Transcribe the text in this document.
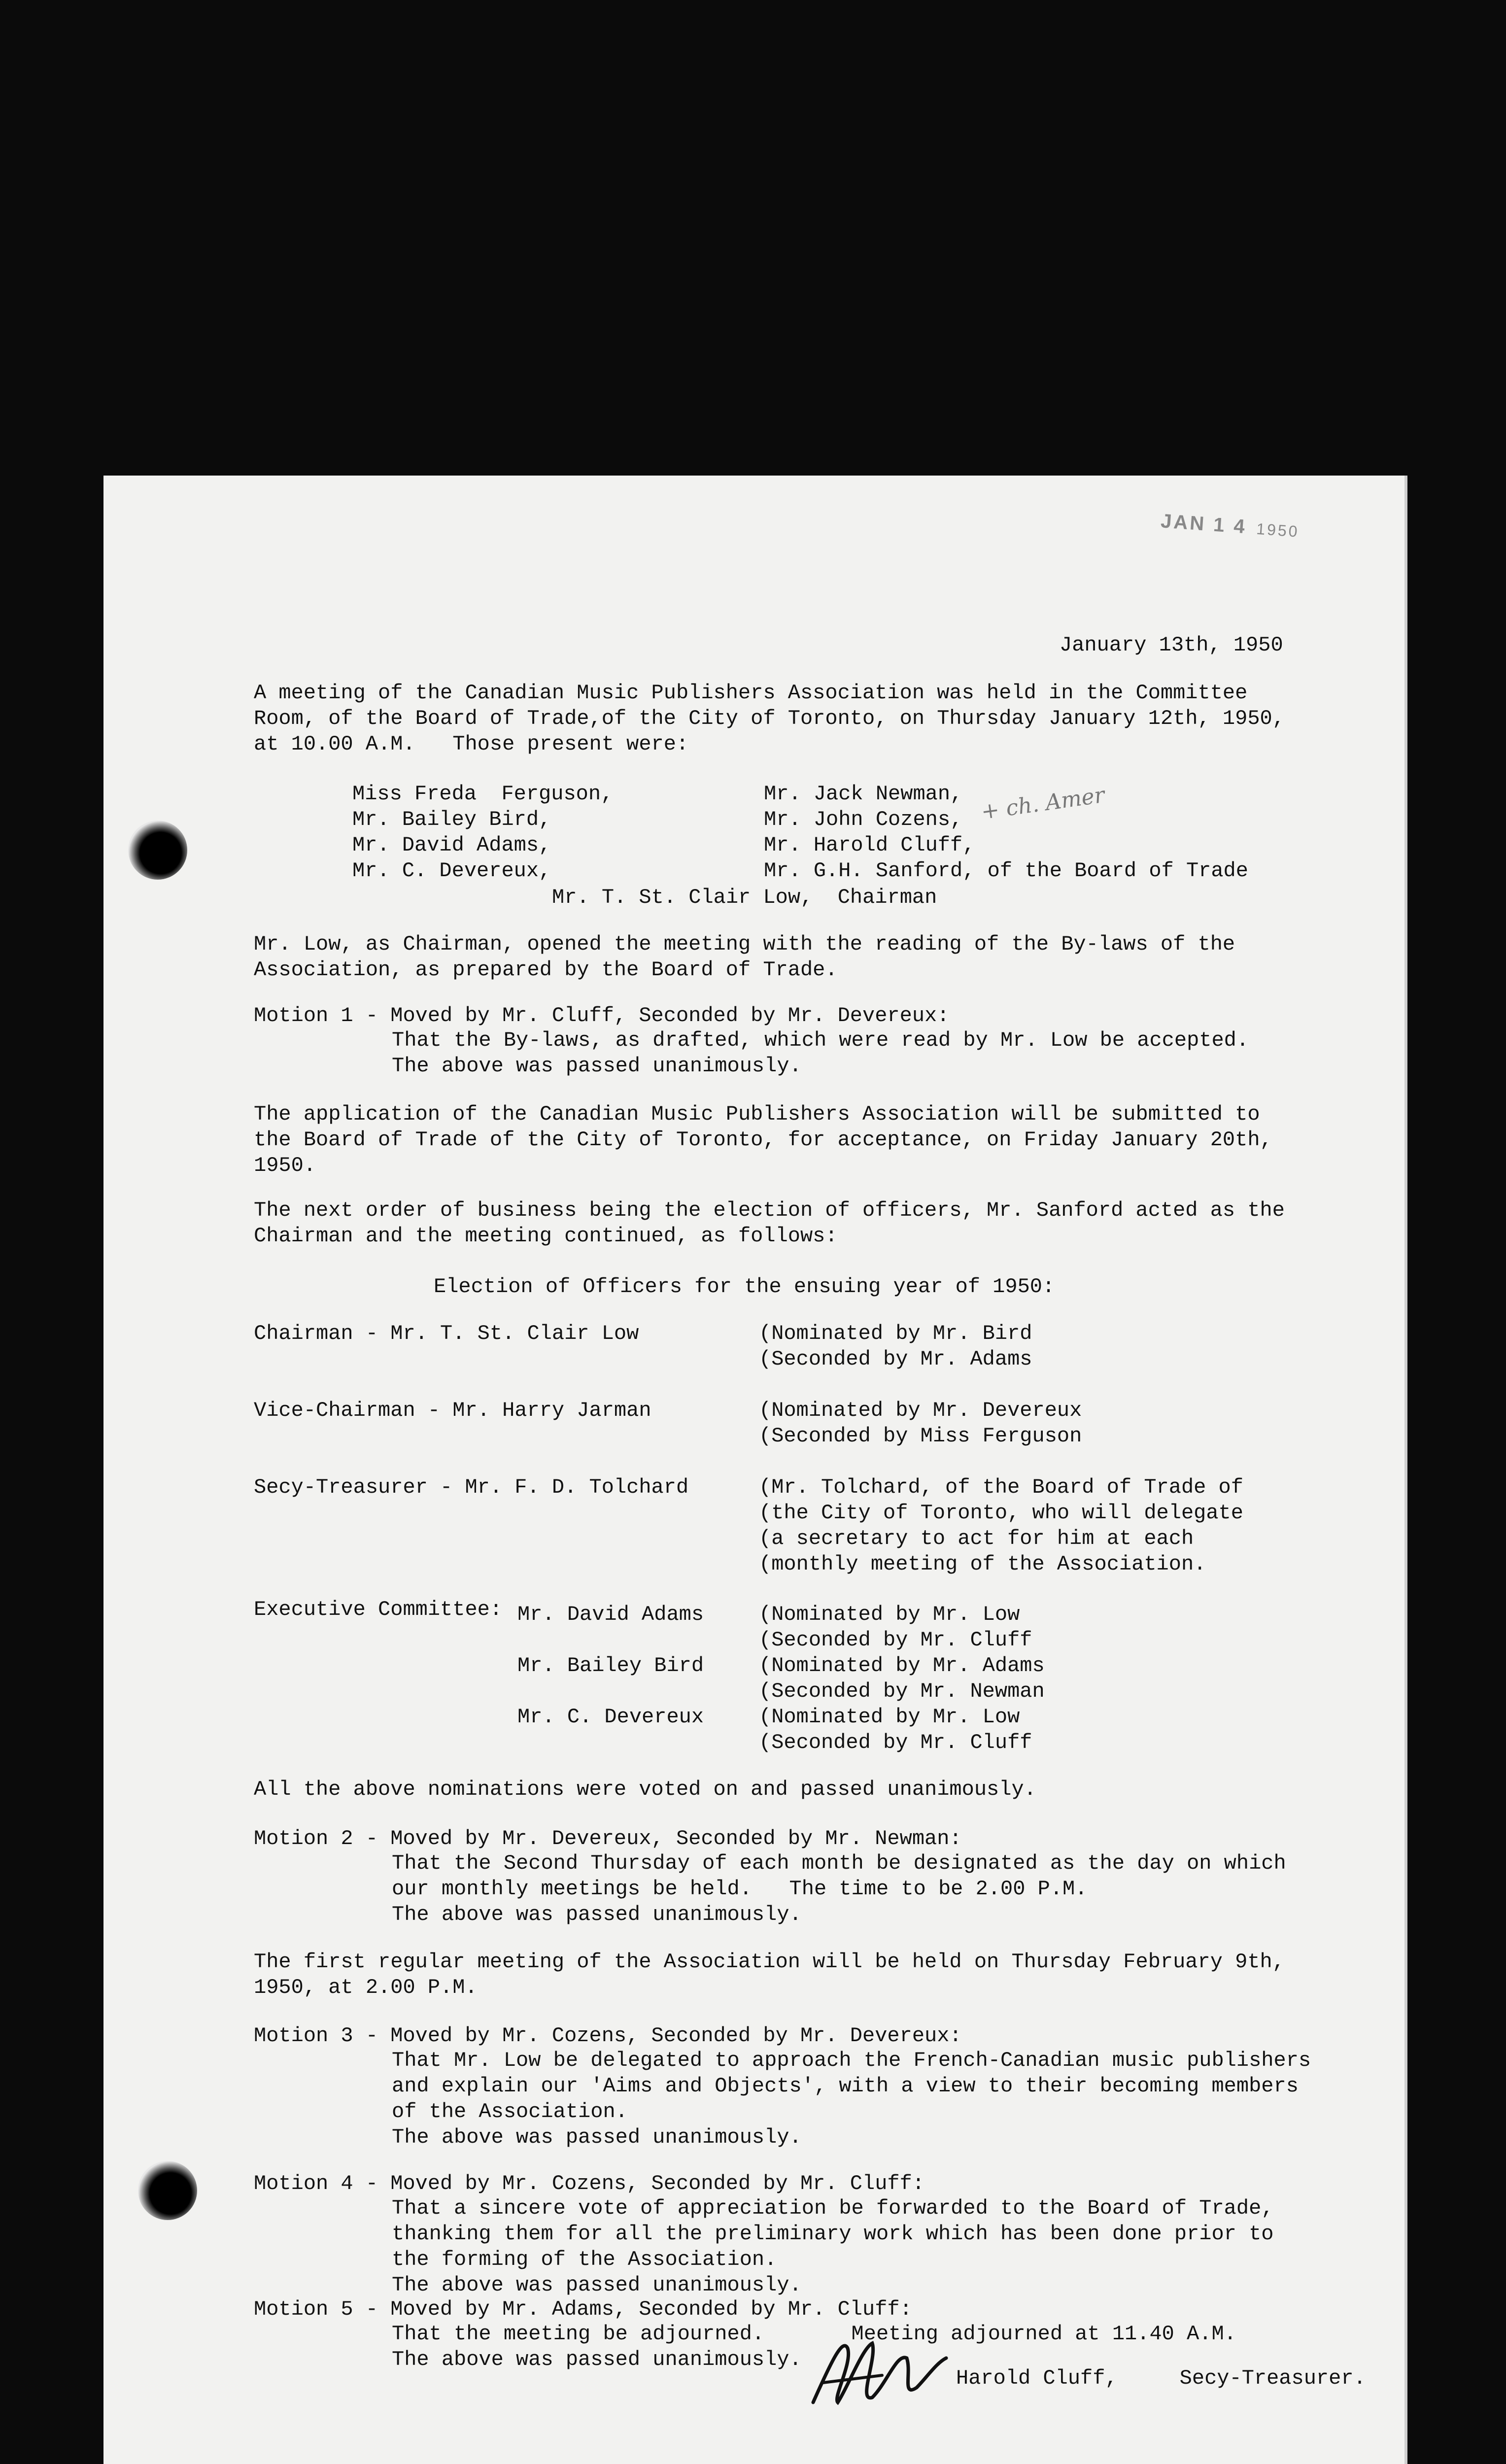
JAN 1 4 1950
January 13th, 1950
A meeting of the Canadian Music Publishers Association was held in the Committee
Room, of the Board of Trade,of the City of Toronto, on Thursday January 12th, 1950,
at 10.00 A.M.   Those present were:
Miss Freda  Ferguson,
Mr. Bailey Bird,
Mr. David Adams,
Mr. C. Devereux,
Mr. Jack Newman,
Mr. John Cozens,
Mr. Harold Cluff,
Mr. G.H. Sanford, of the Board of Trade
+ ch. Amer
Mr. T. St. Clair Low,  Chairman
Mr. Low, as Chairman, opened the meeting with the reading of the By-laws of the
Association, as prepared by the Board of Trade.
Motion 1 - Moved by Mr. Cluff, Seconded by Mr. Devereux:
That the By-laws, as drafted, which were read by Mr. Low be accepted.
The above was passed unanimously.
The application of the Canadian Music Publishers Association will be submitted to
the Board of Trade of the City of Toronto, for acceptance, on Friday January 20th,
1950.
The next order of business being the election of officers, Mr. Sanford acted as the
Chairman and the meeting continued, as follows:
Election of Officers for the ensuing year of 1950:
Chairman - Mr. T. St. Clair Low

Vice-Chairman - Mr. Harry Jarman

Secy-Treasurer - Mr. F. D. Tolchard
(Nominated by Mr. Bird
(Seconded by Mr. Adams

(Nominated by Mr. Devereux
(Seconded by Miss Ferguson

(Mr. Tolchard, of the Board of Trade of
(the City of Toronto, who will delegate
(a secretary to act for him at each
(monthly meeting of the Association.
Executive Committee: Mr. David Adams

Mr. Bailey Bird

Mr. C. Devereux
(Nominated by Mr. Low
(Seconded by Mr. Cluff
(Nominated by Mr. Adams
(Seconded by Mr. Newman
(Nominated by Mr. Low
(Seconded by Mr. Cluff
All the above nominations were voted on and passed unanimously.
Motion 2 - Moved by Mr. Devereux, Seconded by Mr. Newman:
That the Second Thursday of each month be designated as the day on which
our monthly meetings be held.   The time to be 2.00 P.M.
The above was passed unanimously.
The first regular meeting of the Association will be held on Thursday February 9th,
1950, at 2.00 P.M.
Motion 3 - Moved by Mr. Cozens, Seconded by Mr. Devereux:
That Mr. Low be delegated to approach the French-Canadian music publishers
and explain our 'Aims and Objects', with a view to their becoming members
of the Association.
The above was passed unanimously.
Motion 4 - Moved by Mr. Cozens, Seconded by Mr. Cluff:
That a sincere vote of appreciation be forwarded to the Board of Trade,
thanking them for all the preliminary work which has been done prior to
the forming of the Association.
The above was passed unanimously.
Motion 5 - Moved by Mr. Adams, Seconded by Mr. Cluff:
That the meeting be adjourned.       Meeting adjourned at 11.40 A.M.
The above was passed unanimously.
Harold Cluff,     Secy-Treasurer.
